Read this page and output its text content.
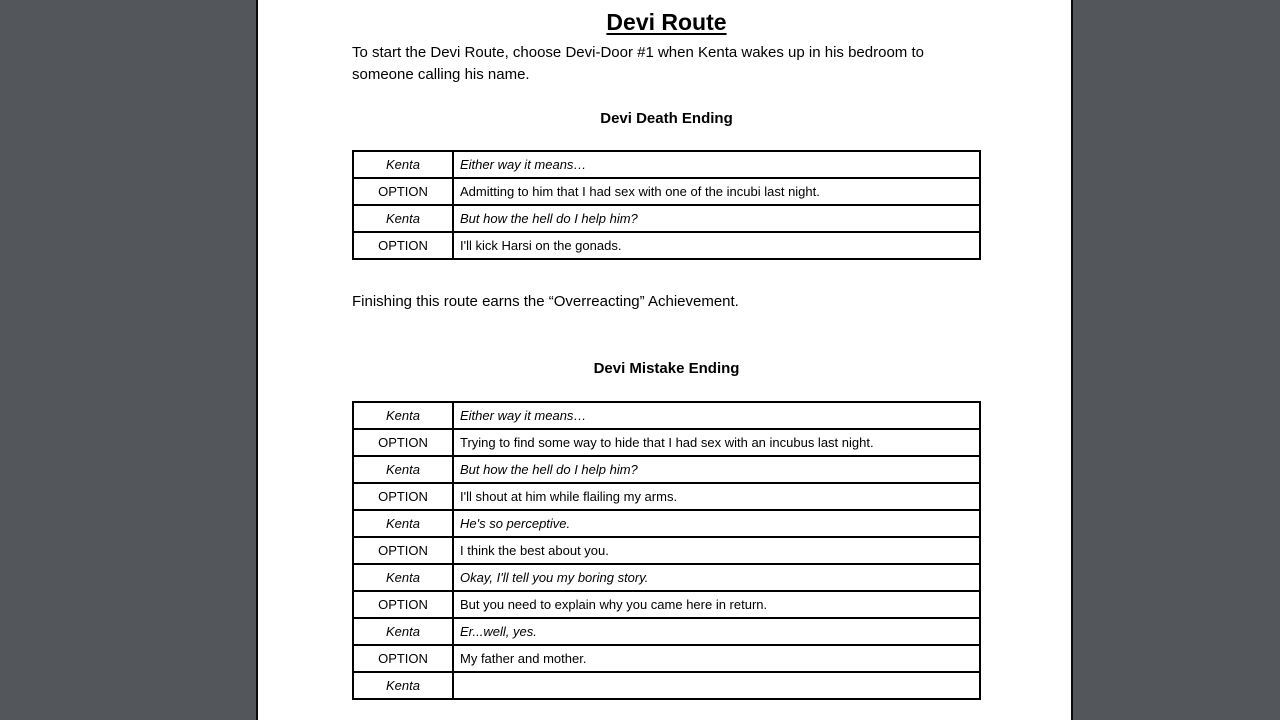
Devi Route

To start the Devi Route, choose Devi-Door #1 when Kenta wakes up in his bedroom to someone calling his name.

Devi Death Ending
Kenta	Either way it means…
OPTION	Admitting to him that I had sex with one of the incubi last night.
Kenta	But how the hell do I help him?
OPTION	I'll kick Harsi on the gonads.

Finishing this route earns the “Overreacting” Achievement.

Devi Mistake Ending
Kenta	Either way it means…
OPTION	Trying to find some way to hide that I had sex with an incubus last night.
Kenta	But how the hell do I help him?
OPTION	I'll shout at him while flailing my arms.
Kenta	He's so perceptive.
OPTION	I think the best about you.
Kenta	Okay, I'll tell you my boring story.
OPTION	But you need to explain why you came here in return.
Kenta	Er...well, yes.
OPTION	My father and mother.
Kenta	
